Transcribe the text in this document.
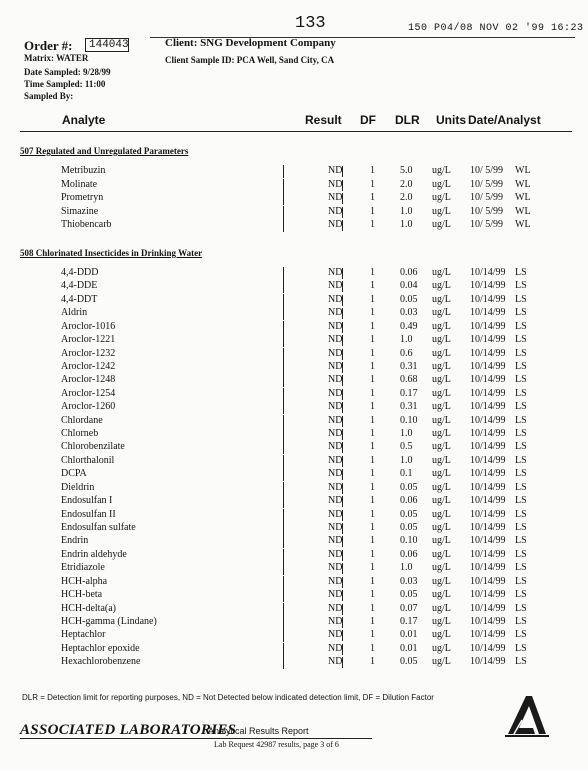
133	150 P04/08 NOV 02 '99 16:23
Order #:	144043
Matrix: WATER
Date Sampled: 9/28/99
Time Sampled: 11:00
Sampled By:
Client: SNG Development Company
Client Sample ID: PCA Well, Sand City, CA
Analyte	Result DF DLR Units Date/Analyst
507 Regulated and Unregulated Parameters
Metribuzin	ND	1	5.0 ug/L 10/ 5/99 WL
Molinate	ND	1	2.0 ug/L 10/ 5/99 WL
Prometryn	ND	1	2.0 ug/L 10/ 5/99 WL
Simazine	ND	1	1.0 ug/L 10/ 5/99 WL
Thiobencarb	ND	1	1.0 ug/L 10/ 5/99 WL
508 Chlorinated Insecticides in Drinking Water
4,4-DDD	ND	1	0.06 ug/L 10/14/99 LS
4,4-DDE	ND	1	0.04 ug/L 10/14/99 LS
4,4-DDT	ND	1	0.05 ug/L 10/14/99 LS
Aldrin	ND	1	0.03 ug/L 10/14/99 LS
Aroclor-1016	ND	1	0.49 ug/L 10/14/99 LS
Aroclor-1221	ND	1	1.0 ug/L 10/14/99 LS
Aroclor-1232	ND	1	0.6 ug/L 10/14/99 LS
Aroclor-1242	ND	1	0.31 ug/L 10/14/99 LS
Aroclor-1248	ND	1	0.68 ug/L 10/14/99 LS
Aroclor-1254	ND	1	0.17 ug/L 10/14/99 LS
Aroclor-1260	ND	1	0.31 ug/L 10/14/99 LS
Chlordane	ND	1	0.10 ug/L 10/14/99 LS
Chlorneb	ND	1	1.0 ug/L 10/14/99 LS
Chlorobenzilate	ND	1	0.5 ug/L 10/14/99 LS
Chlorthalonil	ND	1	1.0 ug/L 10/14/99 LS
DCPA	ND	1	0.1 ug/L 10/14/99 LS
Dieldrin	ND	1	0.05 ug/L 10/14/99 LS
Endosulfan I	ND	1	0.06 ug/L 10/14/99 LS
Endosulfan II	ND	1	0.05 ug/L 10/14/99 LS
Endosulfan sulfate	ND	1	0.05 ug/L 10/14/99 LS
Endrin	ND	1	0.10 ug/L 10/14/99 LS
Endrin aldehyde	ND	1	0.06 ug/L 10/14/99 LS
Etridiazole	ND	1	1.0 ug/L 10/14/99 LS
HCH-alpha	ND	1	0.03 ug/L 10/14/99 LS
HCH-beta	ND	1	0.05 ug/L 10/14/99 LS
HCH-delta(a)	ND	1	0.07 ug/L 10/14/99 LS
HCH-gamma (Lindane)	ND	1	0.17 ug/L 10/14/99 LS
Heptachlor	ND	1	0.01 ug/L 10/14/99 LS
Heptachlor epoxide	ND	1	0.01 ug/L 10/14/99 LS
Hexachlorobenzene	ND	1	0.05 ug/L 10/14/99 LS
DLR = Detection limit for reporting purposes, ND = Not Detected below indicated detection limit, DF = Dilution Factor
ASSOCIATED LABORATORIES
Analytical Results Report
Lab Request 42987 results, page 3 of 6
